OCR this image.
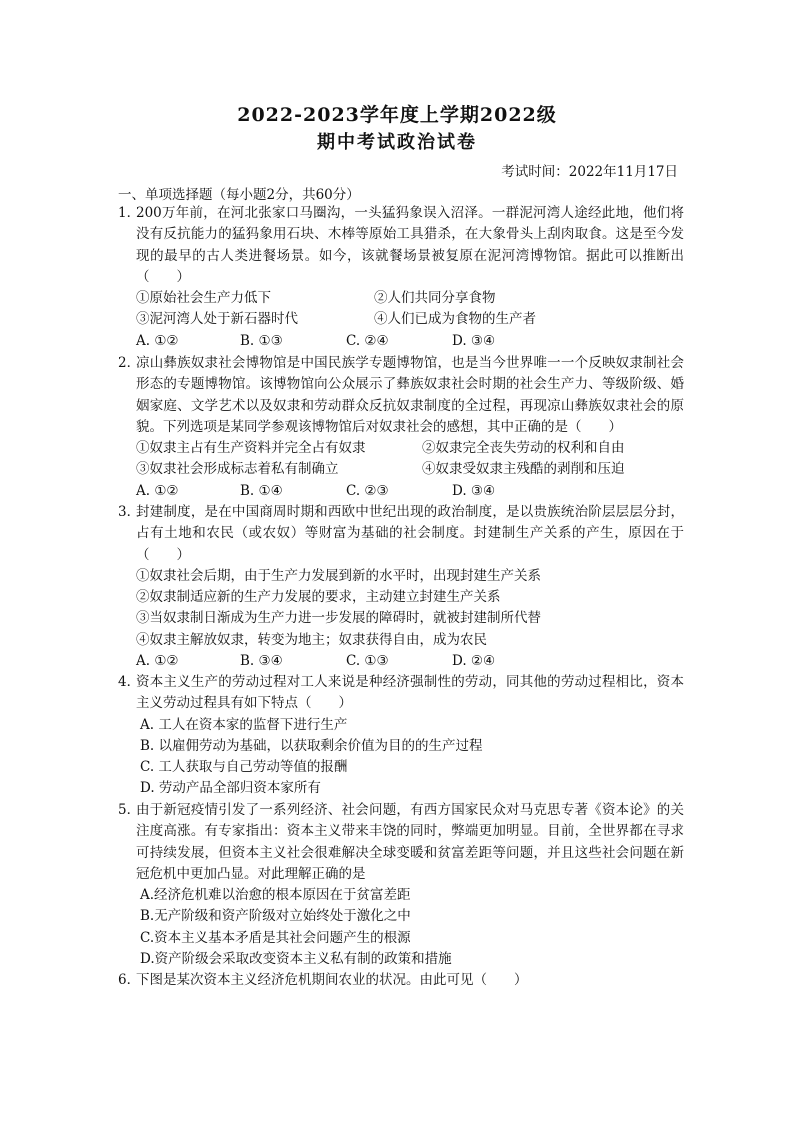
2022-2023学年度上学期2022级
期中考试政治试卷
考试时间：2022年11月17日
一、单项选择题（每小题2分，共60分）
1．
200万年前，在河北张家口马圈沟，一头猛犸象误入沼泽。一群泥河湾人途经此地，他们将没有反抗能力的猛犸象用石块、木棒等原始工具猎杀，在大象骨头上刮肉取食。这是至今发现的最早的古人类进餐场景。如今，该就餐场景被复原在泥河湾博物馆。据此可以推断出（　　）
①原始社会生产力低下	②人们共同分享食物
③泥河湾人处于新石器时代	④人们已成为食物的生产者
A. ①②	B. ①③	C. ②④	D. ③④
2．
凉山彝族奴隶社会博物馆是中国民族学专题博物馆，也是当今世界唯一一个反映奴隶制社会形态的专题博物馆。该博物馆向公众展示了彝族奴隶社会时期的社会生产力、等级阶级、婚姻家庭、文学艺术以及奴隶和劳动群众反抗奴隶制度的全过程，再现凉山彝族奴隶社会的原貌。下列选项是某同学参观该博物馆后对奴隶社会的感想，其中正确的是（　　）
①奴隶主占有生产资料并完全占有奴隶	②奴隶完全丧失劳动的权利和自由
③奴隶社会形成标志着私有制确立	④奴隶受奴隶主残酷的剥削和压迫
A. ①②	B. ①④	C. ②③	D. ③④
3．
封建制度，是在中国商周时期和西欧中世纪出现的政治制度，是以贵族统治阶层层层分封，占有土地和农民（或农奴）等财富为基础的社会制度。封建制生产关系的产生，原因在于（　　）
①奴隶社会后期，由于生产力发展到新的水平时，出现封建生产关系
②奴隶制适应新的生产力发展的要求，主动建立封建生产关系
③当奴隶制日渐成为生产力进一步发展的障碍时，就被封建制所代替
④奴隶主解放奴隶，转变为地主；奴隶获得自由，成为农民
A. ①②	B. ③④	C. ①③	D. ②④
4．
资本主义生产的劳动过程对工人来说是种经济强制性的劳动，同其他的劳动过程相比，资本主义劳动过程具有如下特点（　　）
A. 工人在资本家的监督下进行生产
B. 以雇佣劳动为基础，以获取剩余价值为目的的生产过程
C. 工人获取与自己劳动等值的报酬
D. 劳动产品全部归资本家所有
5．
由于新冠疫情引发了一系列经济、社会问题，有西方国家民众对马克思专著《资本论》的关注度高涨。有专家指出：资本主义带来丰饶的同时，弊端更加明显。目前，全世界都在寻求可持续发展，但资本主义社会很难解决全球变暖和贫富差距等问题，并且这些社会问题在新冠危机中更加凸显。对此理解正确的是
A.经济危机难以治愈的根本原因在于贫富差距
B.无产阶级和资产阶级对立始终处于激化之中
C.资本主义基本矛盾是其社会问题产生的根源
D.资产阶级会采取改变资本主义私有制的政策和措施
6．
下图是某次资本主义经济危机期间农业的状况。由此可见（　　）
